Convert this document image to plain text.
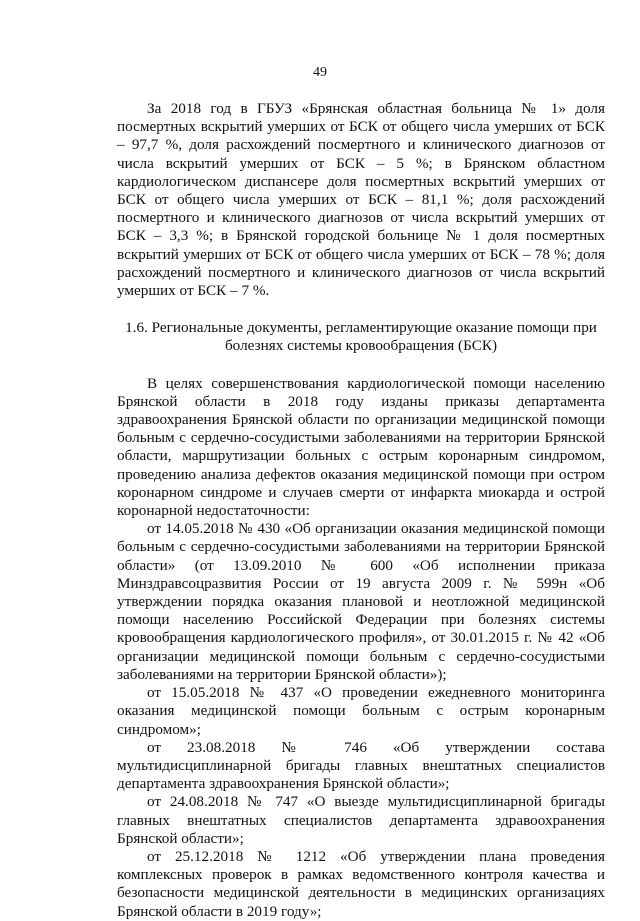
49

За 2018 год в ГБУЗ «Брянская областная больница № 1» доля посмертных вскрытий умерших от БСК от общего числа умерших от БСК – 97,7 %, доля расхождений посмертного и клинического диагнозов от числа вскрытий умерших от БСК – 5 %; в Брянском областном кардиологическом диспансере доля посмертных вскрытий умерших от БСК от общего числа умерших от БСК – 81,1 %; доля расхождений посмертного и клинического диагнозов от числа вскрытий умерших от БСК – 3,3 %; в Брянской городской больнице № 1 доля посмертных вскрытий умерших от БСК от общего числа умерших от БСК – 78 %; доля расхождений посмертного и клинического диагнозов от числа вскрытий умерших от БСК – 7 %.

1.6. Региональные документы, регламентирующие оказание помощи при болезнях системы кровообращения (БСК)

В целях совершенствования кардиологической помощи населению Брянской области в 2018 году изданы приказы департамента здравоохранения Брянской области по организации медицинской помощи больным с сердечно-сосудистыми заболеваниями на территории Брянской области, маршрутизации больных с острым коронарным синдромом, проведению анализа дефектов оказания медицинской помощи при остром коронарном синдроме и случаев смерти от инфаркта миокарда и острой коронарной недостаточности:

от 14.05.2018 № 430 «Об организации оказания медицинской помощи больным с сердечно-сосудистыми заболеваниями на территории Брянской области» (от 13.09.2010 № 600 «Об исполнении приказа Минздравсоцразвития России от 19 августа 2009 г. № 599н «Об утверждении порядка оказания плановой и неотложной медицинской помощи населению Российской Федерации при болезнях системы кровообращения кардиологического профиля», от 30.01.2015 г. № 42 «Об организации медицинской помощи больным с сердечно-сосудистыми заболеваниями на территории Брянской области»);

от 15.05.2018 № 437 «О проведении ежедневного мониторинга оказания медицинской помощи больным с острым коронарным синдромом»;

от 23.08.2018 № 746 «Об утверждении состава мультидисциплинарной бригады главных внештатных специалистов департамента здравоохранения Брянской области»;

от 24.08.2018 № 747 «О выезде мультидисциплинарной бригады главных внештатных специалистов департамента здравоохранения Брянской области»;

от 25.12.2018 № 1212 «Об утверждении плана проведения комплексных проверок в рамках ведомственного контроля качества и безопасности медицинской деятельности в медицинских организациях Брянской области в 2019 году»;
